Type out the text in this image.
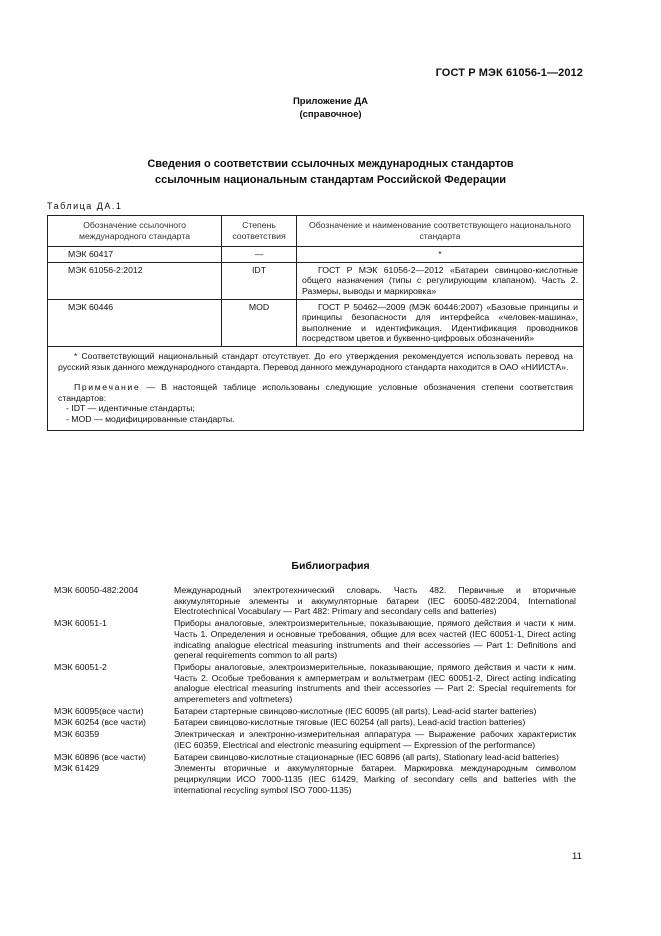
ГОСТ Р МЭК 61056-1—2012
Приложение ДА
(справочное)
Сведения о соответствии ссылочных международных стандартов
ссылочным национальным стандартам Российской Федерации
Таблица ДА.1
Обозначение ссылочного международного стандарта	Степень соответствия	Обозначение и наименование соответствующего национального стандарта
МЭК 60417	—	*
МЭК 61056-2:2012	IDT	ГОСТ Р МЭК 61056-2—2012 «Батареи свинцово-кислотные общего назначения (типы с регулирующим клапаном). Часть 2. Размеры, выводы и маркировка»
МЭК 60446	MOD	ГОСТ Р 50462—2009 (МЭК 60446:2007) «Базовые принципы и принципы безопасности для интерфейса «человек-машина», выполнение и идентификация. Идентификация проводников посредством цветов и буквенно-цифровых обозначений»

* Соответствующий национальный стандарт отсутствует. До его утверждения рекомендуется использовать перевод на русский язык данного международного стандарта. Перевод данного международного стандарта находится в ОАО «НИИСТА».
Примечание — В настоящей таблице использованы следующие условные обозначения степени соответствия стандартов:
- IDT — идентичные стандарты;
- MOD — модифицированные стандарты.		
Библиография
МЭК 60050-482:2004	Международный электротехнический словарь. Часть 482. Первичные и вторичные аккумуляторные элементы и аккумуляторные батареи (IEC 60050-482:2004, International Electrotechnical Vocabulary — Part 482: Primary and secondary cells and batteries)
МЭК 60051-1	Приборы аналоговые, электроизмерительные, показывающие, прямого действия и части к ним. Часть 1. Определения и основные требования, общие для всех частей (IEC 60051-1, Direct acting indicating analogue electrical measuring instruments and their accessories — Part 1: Definitions and general requirements common to all parts)
МЭК 60051-2	Приборы аналоговые, электроизмерительные, показывающие, прямого действия и части к ним. Часть 2. Особые требования к амперметрам и вольтметрам (IEC 60051-2, Direct acting indicating analogue electrical measuring instruments and their accessories — Part 2: Special requirements for amperemeters and voltmeters)
МЭК 60095(все части)	Батареи стартерные свинцово-кислотные (IEC 60095 (all parts), Lead-acid starter batteries)
МЭК 60254 (все части)	Батареи свинцово-кислотные тяговые (IEC 60254 (all parts), Lead-acid traction batteries)
МЭК 60359	Электрическая и электронно-измерительная аппаратура — Выражение рабочих характеристик (IEC 60359, Electrical and electronic measuring equipment — Expression of the performance)
МЭК 60896 (все части)	Батареи свинцово-кислотные стационарные (IEC 60896 (all parts), Stationary lead-acid batteries)
МЭК 61429	Элементы вторичные и аккумуляторные батареи. Маркировка международным символом рециркуляции ИСО 7000-1135 (IEC 61429, Marking of secondary cells and batteries with the international recycling symbol ISO 7000-1135)
11
